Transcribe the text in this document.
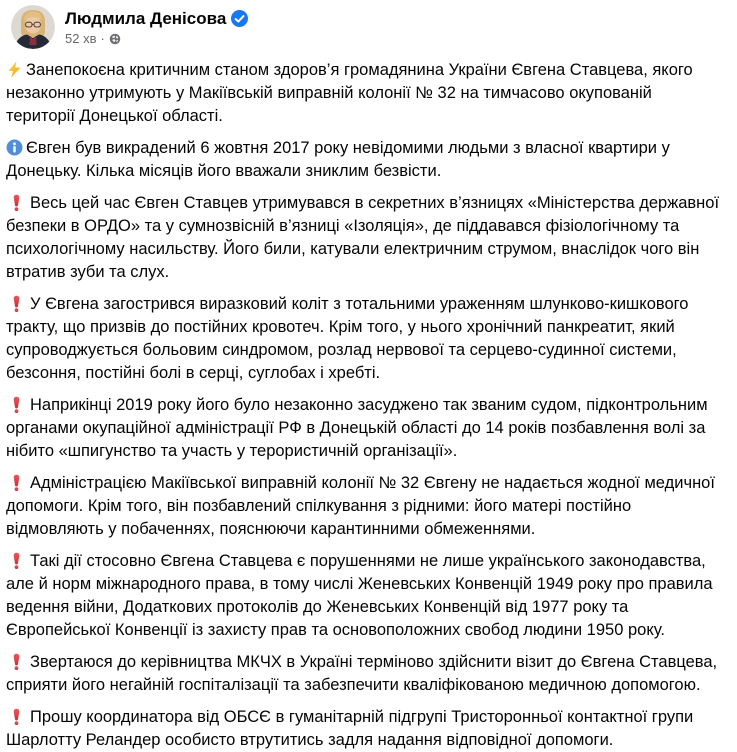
Людмила Денісова
52 хв ·

Занепокоєна критичним станом здоров’я громадянина України Євгена Ставцева, якого незаконно утримують у Макіївській виправній колонії № 32 на тимчасово окупованій території Донецької області.

Євген був викрадений 6 жовтня 2017 року невідомими людьми з власної квартири у Донецьку. Кілька місяців його вважали зниклим безвісти.

Весь цей час Євген Ставцев утримувався в секретних в’язницях «Міністерства державної безпеки в ОРДО» та у сумнозвісній в’язниці «Ізоляція», де піддавався фізіологічному та психологічному насильству. Його били, катували електричним струмом, внаслідок чого він втратив зуби та слух.

У Євгена загострився виразковий коліт з тотальними ураженням шлунково-кишкового тракту, що призвів до постійних кровотеч. Крім того, у нього хронічний панкреатит, який супроводжується больовим синдромом, розлад нервової та серцево-судинної системи, безсоння, постійні болі в серці, суглобах і хребті.

Наприкінці 2019 року його було незаконно засуджено так званим судом, підконтрольним органами окупаційної адміністрації РФ в Донецькій області до 14 років позбавлення волі за нібито «шпигунство та участь у терористичній організації».

Адміністрацією Макіївської виправній колонії № 32 Євгену не надається жодної медичної допомоги. Крім того, він позбавлений спілкування з рідними: його матері постійно відмовляють у побаченнях, пояснюючи карантинними обмеженнями.

Такі дії стосовно Євгена Ставцева є порушеннями не лише українського законодавства, але й норм міжнародного права, в тому числі Женевських Конвенцій 1949 року про правила ведення війни, Додаткових протоколів до Женевських Конвенцій від 1977 року та Європейської Конвенції із захисту прав та основоположних свобод людини 1950 року.

Звертаюся до керівництва МКЧХ в Україні терміново здійснити візит до Євгена Ставцева, сприяти його негайній госпіталізації та забезпечити кваліфікованою медичною допомогою.

Прошу координатора від ОБСЄ в гуманітарній підгрупі Тристоронньої контактної групи Шарлотту Реландер особисто втрутитись задля надання відповідної допомоги.
